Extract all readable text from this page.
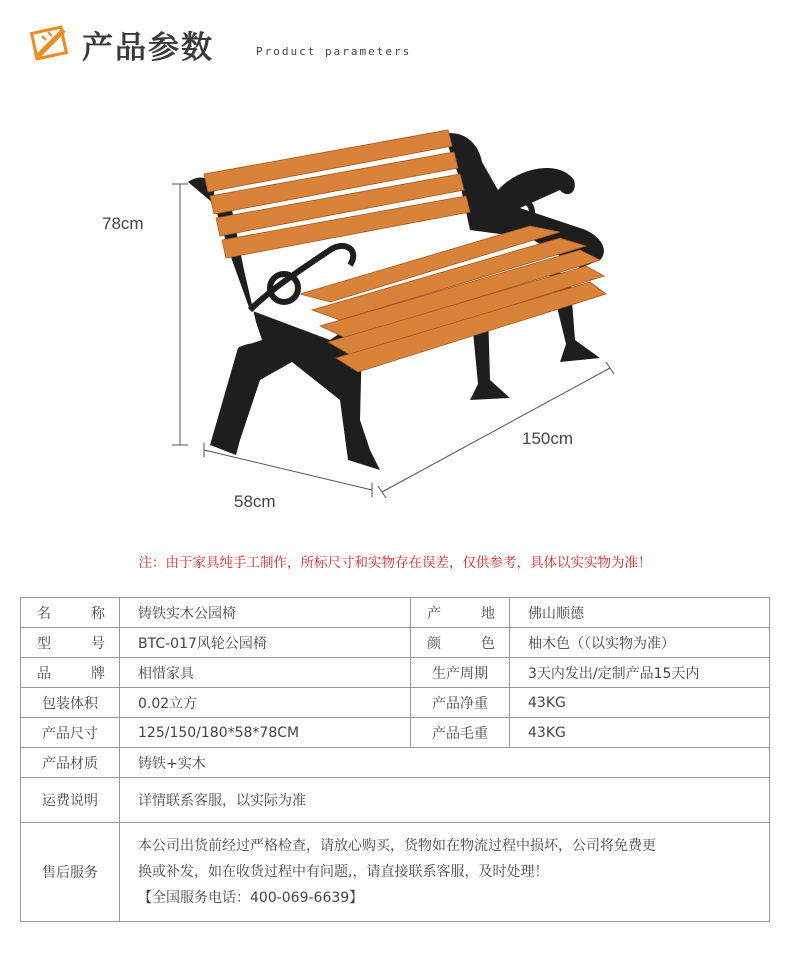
产品参数	Product parameters
78cm
150cm
58cm
注：由于家具纯手工制作，所标尺寸和实物存在误差，仅供参考，具体以实实物为准！
名 称	铸铁实木公园椅	产 地	佛山顺德

型 号	BTC-017风轮公园椅	颜 色	柚木色（（以实物为准）

品 牌	相惜家具	生产周期	3天内发出/定制产品15天内
包装体积	0.02立方	产品净重	43KG
产品尺寸	125/150/180*58*78CM	产品毛重	43KG
产品材质	铸铁+实木		
运费说明	详情联系客服，以实际为准		
售后服务	本公司出货前经过严格检查，请放心购买，货物如在物流过程中损坏，公司将免费更
换或补发，如在收货过程中有问题,，请直接联系客服，及时处理！
【全国服务电话：400-069-6639】		
